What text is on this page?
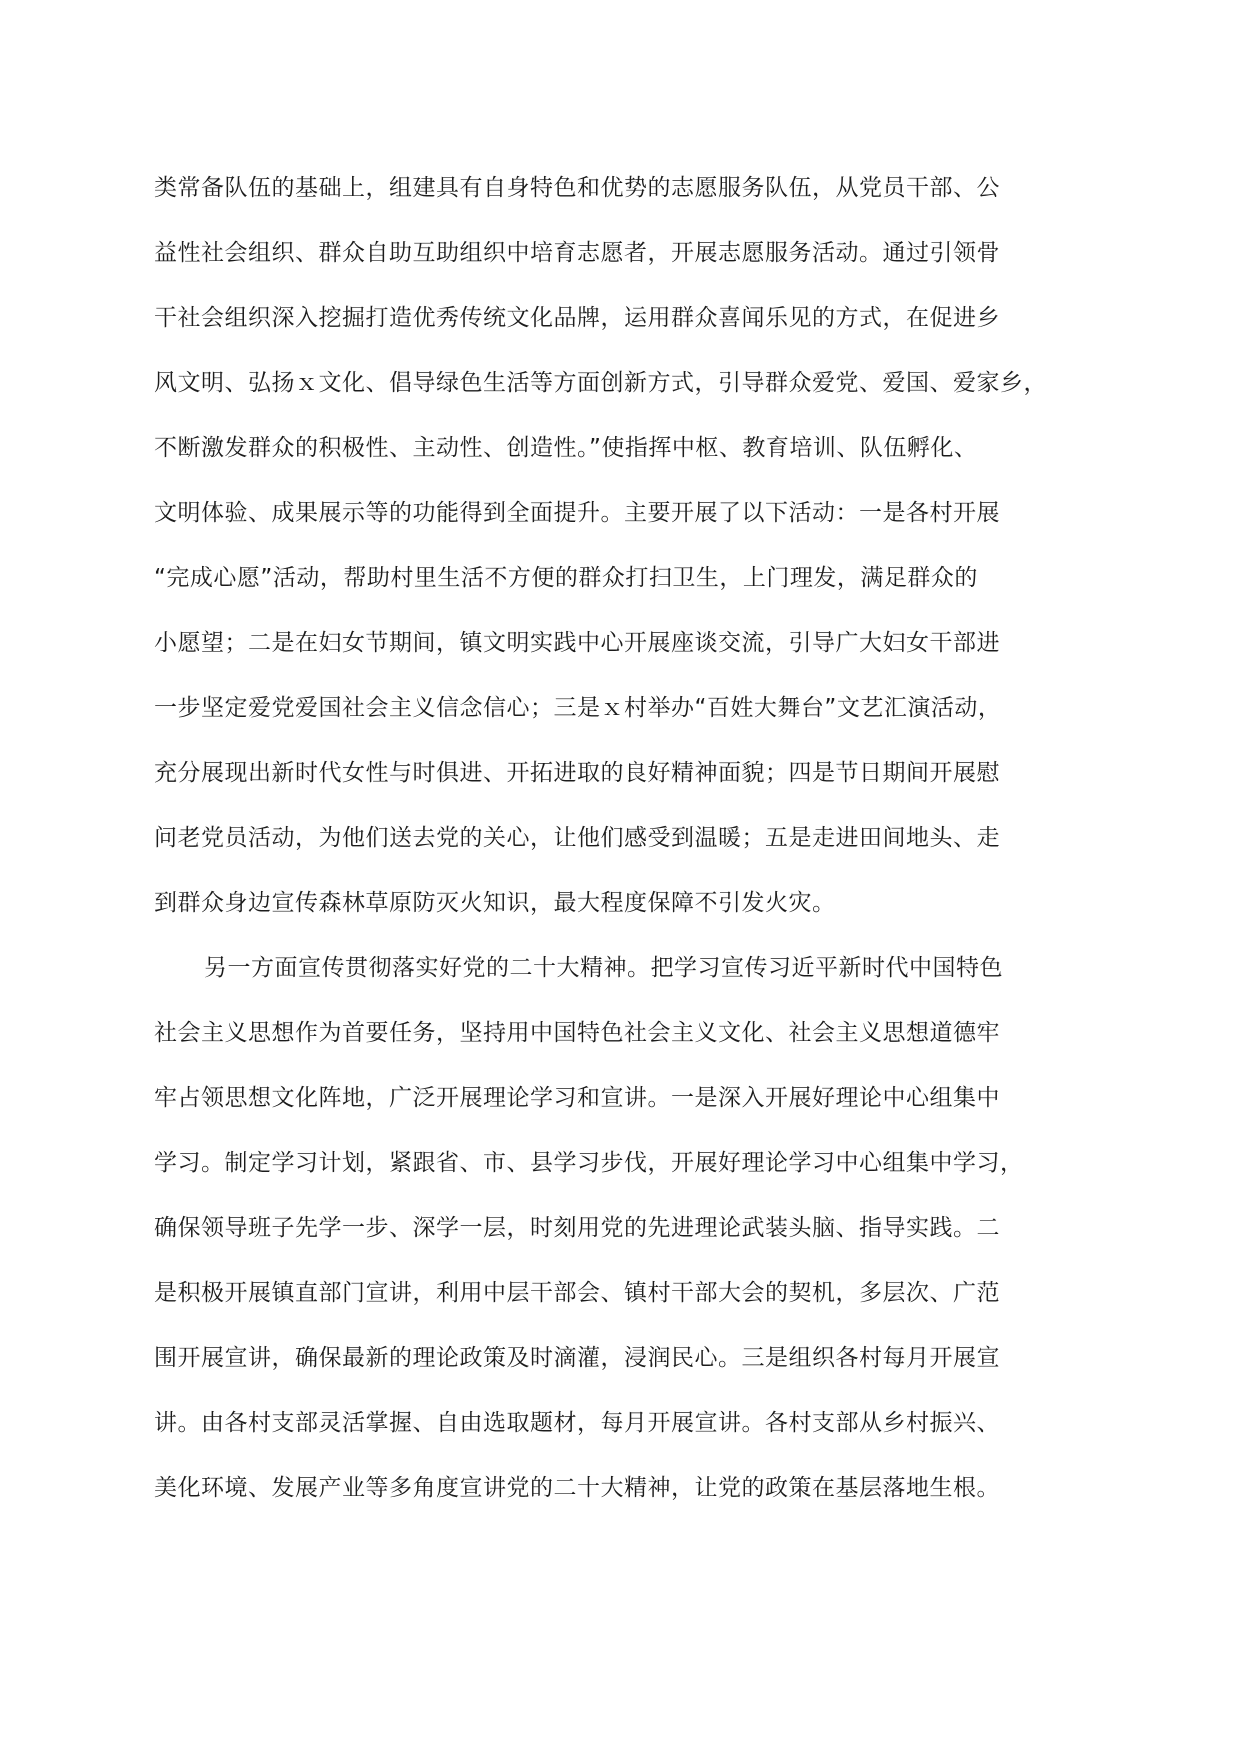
类常备队伍的基础上，组建具有自身特色和优势的志愿服务队伍，从党员干部、公
益性社会组织、群众自助互助组织中培育志愿者，开展志愿服务活动。通过引领骨
干社会组织深入挖掘打造优秀传统文化品牌，运用群众喜闻乐见的方式，在促进乡
风文明、弘扬ｘ文化、倡导绿色生活等方面创新方式，引导群众爱党、爱国、爱家乡，
不断激发群众的积极性、主动性、创造性。”使指挥中枢、教育培训、队伍孵化、
文明体验、成果展示等的功能得到全面提升。主要开展了以下活动：一是各村开展
“完成心愿”活动，帮助村里生活不方便的群众打扫卫生，上门理发，满足群众的
小愿望；二是在妇女节期间，镇文明实践中心开展座谈交流，引导广大妇女干部进
一步坚定爱党爱国社会主义信念信心；三是ｘ村举办“百姓大舞台”文艺汇演活动，
充分展现出新时代女性与时俱进、开拓进取的良好精神面貌；四是节日期间开展慰
问老党员活动，为他们送去党的关心，让他们感受到温暖；五是走进田间地头、走
到群众身边宣传森林草原防灭火知识，最大程度保障不引发火灾。
另一方面宣传贯彻落实好党的二十大精神。把学习宣传习近平新时代中国特色
社会主义思想作为首要任务，坚持用中国特色社会主义文化、社会主义思想道德牢
牢占领思想文化阵地，广泛开展理论学习和宣讲。一是深入开展好理论中心组集中
学习。制定学习计划，紧跟省、市、县学习步伐，开展好理论学习中心组集中学习，
确保领导班子先学一步、深学一层，时刻用党的先进理论武装头脑、指导实践。二
是积极开展镇直部门宣讲，利用中层干部会、镇村干部大会的契机，多层次、广范
围开展宣讲，确保最新的理论政策及时滴灌，浸润民心。三是组织各村每月开展宣
讲。由各村支部灵活掌握、自由选取题材，每月开展宣讲。各村支部从乡村振兴、
美化环境、发展产业等多角度宣讲党的二十大精神，让党的政策在基层落地生根。
